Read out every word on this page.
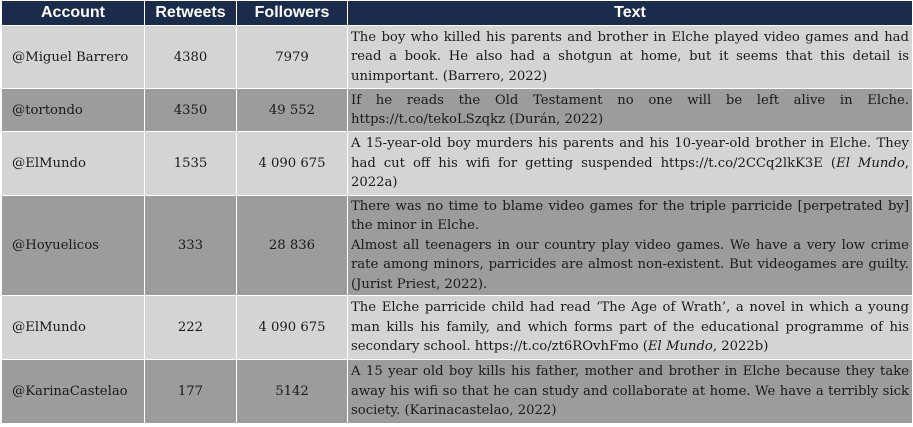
Account	Retweets	Followers	Text
@Miguel Barrero	4380	7979	The boy who killed his parents and brother in Elche played video games and had read a book. He also had a shotgun at home, but it seems that this detail is unimportant. (Barrero, 2022)
@tortondo	4350	49 552	If he reads the Old Testament no one will be left alive in Elche. https://t.co/tekoLSzqkz (Durán, 2022)
@ElMundo	1535	4 090 675	A 15-year-old boy murders his parents and his 10-year-old brother in Elche. They had cut off his wifi for getting suspended https://t.co/2CCq2lkK3E (El Mundo, 2022a)
@Hoyuelicos	333	28 836	There was no time to blame video games for the triple parricide [perpetrated by] the minor in Elche.
Almost all teenagers in our country play video games. We have a very low crime rate among minors, parricides are almost non-existent. But videogames are guilty. (Jurist Priest, 2022).

@ElMundo	222	4 090 675	The Elche parricide child had read ‘The Age of Wrath’, a novel in which a young man kills his family, and which forms part of the educational programme of his secondary school. https://t.co/zt6ROvhFmo (El Mundo, 2022b)
@KarinaCastelao	177	5142	A 15 year old boy kills his father, mother and brother in Elche because they take away his wifi so that he can study and collaborate at home. We have a terribly sick society. (Karinacastelao, 2022)
